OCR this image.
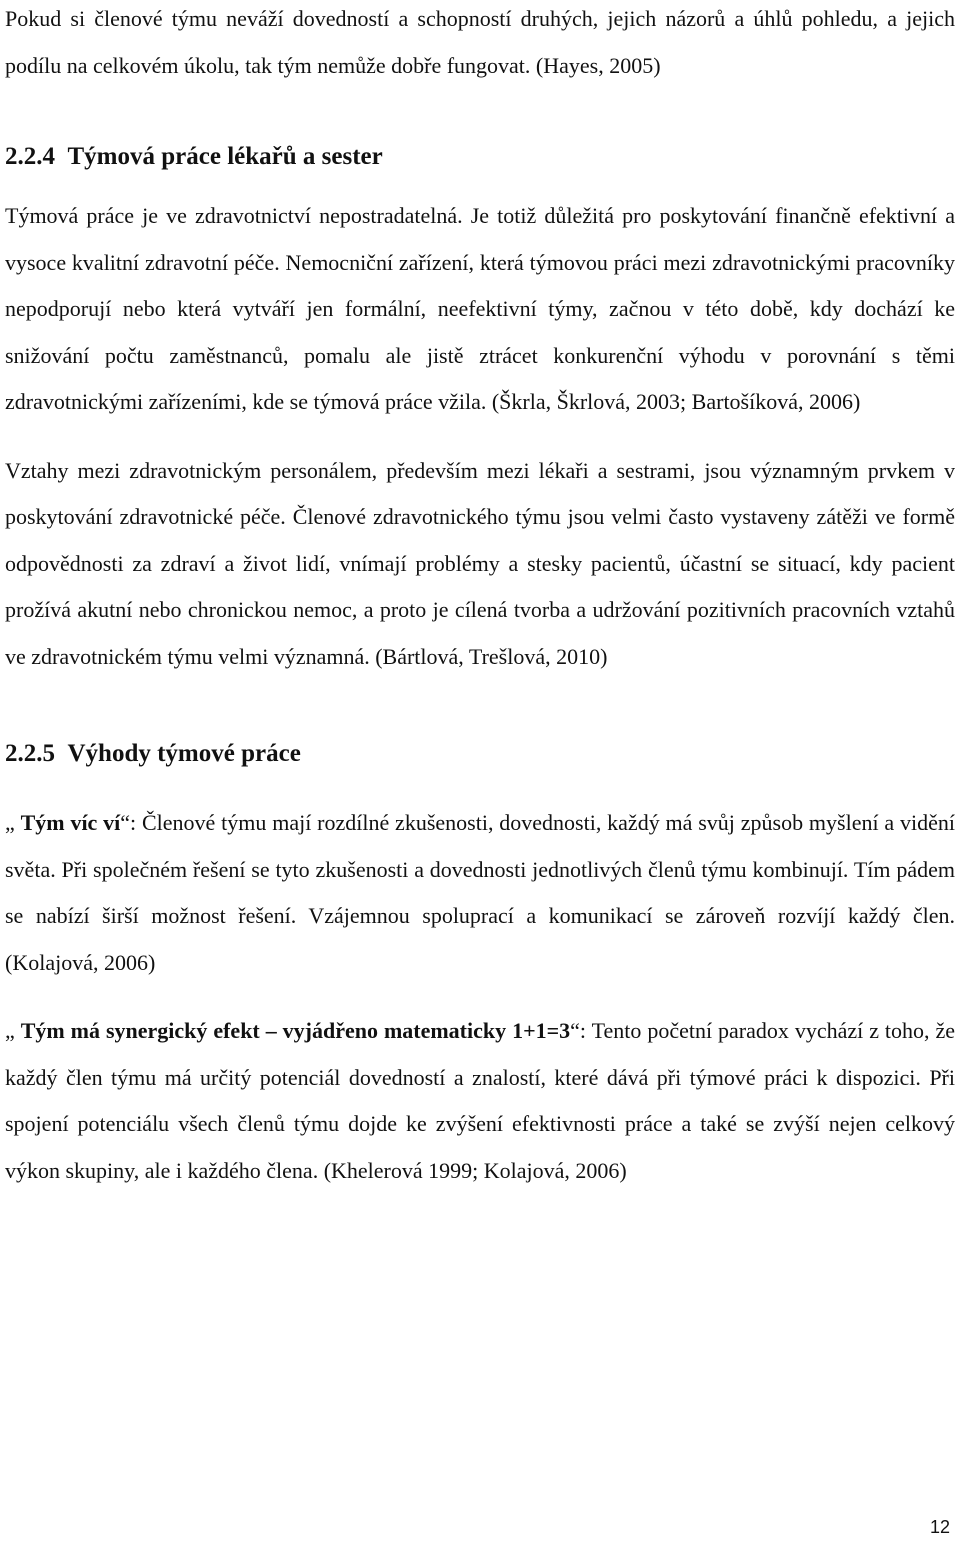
Pokud si členové týmu neváží dovedností a schopností druhých, jejich názorů a úhlů pohledu, a jejich podílu na celkovém úkolu, tak tým nemůže dobře fungovat. (Hayes, 2005)

2.2.4 Týmová práce lékařů a sester

Týmová práce je ve zdravotnictví nepostradatelná. Je totiž důležitá pro poskytování finančně efektivní a vysoce kvalitní zdravotní péče. Nemocniční zařízení, která týmovou práci mezi zdravotnickými pracovníky nepodporují nebo která vytváří jen formální, neefektivní týmy, začnou v této době, kdy dochází ke snižování počtu zaměstnanců, pomalu ale jistě ztrácet konkurenční výhodu v porovnání s těmi zdravotnickými zařízeními, kde se týmová práce vžila. (Škrla, Škrlová, 2003; Bartošíková, 2006)

Vztahy mezi zdravotnickým personálem, především mezi lékaři a sestrami, jsou významným prvkem v poskytování zdravotnické péče. Členové zdravotnického týmu jsou velmi často vystaveny zátěži ve formě odpovědnosti za zdraví a život lidí, vnímají problémy a stesky pacientů, účastní se situací, kdy pacient prožívá akutní nebo chronickou nemoc, a proto je cílená tvorba a udržování pozitivních pracovních vztahů ve zdravotnickém týmu velmi významná. (Bártlová, Trešlová, 2010)

2.2.5 Výhody týmové práce

„ Tým víc ví“: Členové týmu mají rozdílné zkušenosti, dovednosti, každý má svůj způsob myšlení a vidění světa. Při společném řešení se tyto zkušenosti a dovednosti jednotlivých členů týmu kombinují. Tím pádem se nabízí širší možnost řešení. Vzájemnou spoluprací a komunikací se zároveň rozvíjí každý člen. (Kolajová, 2006)

„ Tým má synergický efekt – vyjádřeno matematicky 1+1=3“: Tento početní paradox vychází z toho, že každý člen týmu má určitý potenciál dovedností a znalostí, které dává při týmové práci k dispozici. Při spojení potenciálu všech členů týmu dojde ke zvýšení efektivnosti práce a také se zvýší nejen celkový výkon skupiny, ale i každého člena. (Khelerová 1999; Kolajová, 2006)

12
